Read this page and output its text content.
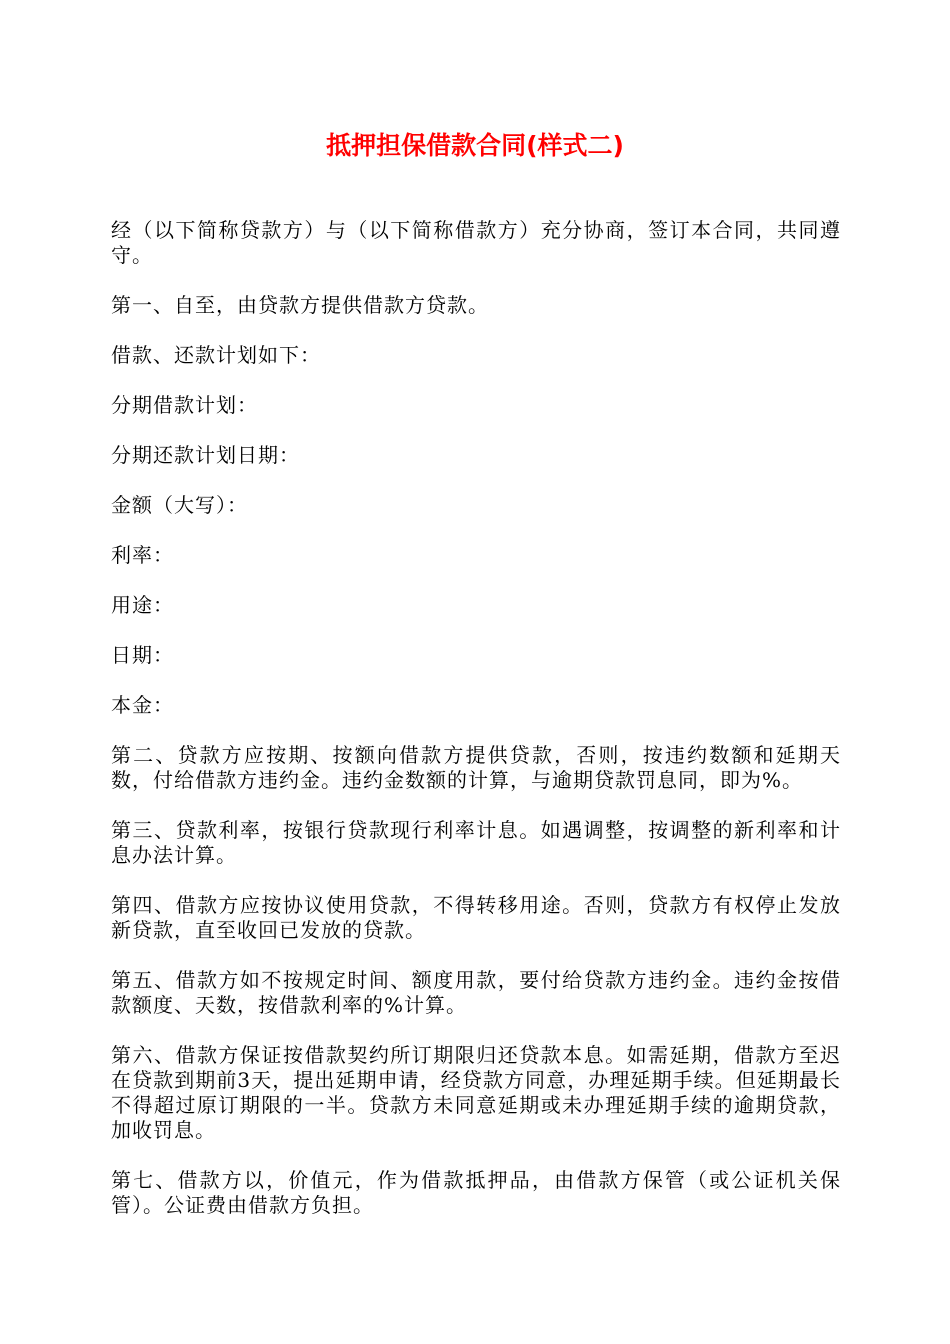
抵押担保借款合同(样式二)

经（以下简称贷款方）与（以下简称借款方）充分协商，签订本合同，共同遵守。

第一、自至，由贷款方提供借款方贷款。

借款、还款计划如下：

分期借款计划：

分期还款计划日期：

金额（大写）：

利率：

用途：

日期：

本金：

第二、贷款方应按期、按额向借款方提供贷款，否则，按违约数额和延期天数，付给借款方违约金。违约金数额的计算，与逾期贷款罚息同，即为%。

第三、贷款利率，按银行贷款现行利率计息。如遇调整，按调整的新利率和计息办法计算。

第四、借款方应按协议使用贷款，不得转移用途。否则，贷款方有权停止发放新贷款，直至收回已发放的贷款。

第五、借款方如不按规定时间、额度用款，要付给贷款方违约金。违约金按借款额度、天数，按借款利率的%计算。

第六、借款方保证按借款契约所订期限归还贷款本息。如需延期，借款方至迟在贷款到期前3天，提出延期申请，经贷款方同意，办理延期手续。但延期最长不得超过原订期限的一半。贷款方未同意延期或未办理延期手续的逾期贷款，加收罚息。

第七、借款方以，价值元，作为借款抵押品，由借款方保管（或公证机关保管）。公证费由借款方负担。
